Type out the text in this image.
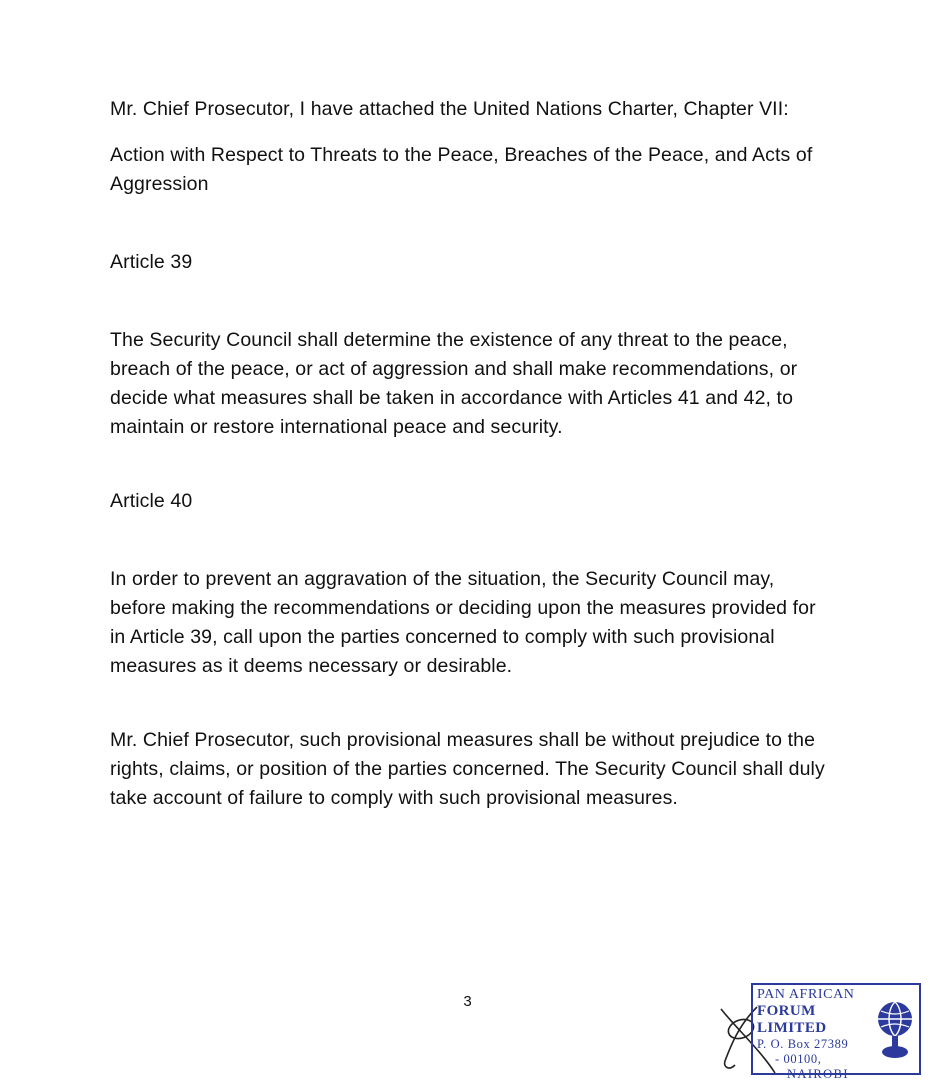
Mr. Chief Prosecutor, I have attached the United Nations Charter, Chapter VII:

Action with Respect to Threats to the Peace, Breaches of the Peace, and Acts of Aggression

Article 39

The Security Council shall determine the existence of any threat to the peace, breach of the peace, or act of aggression and shall make recommendations, or decide what measures shall be taken in accordance with Articles 41 and 42, to maintain or restore international peace and security.

Article 40

In order to prevent an aggravation of the situation, the Security Council may, before making the recommendations or deciding upon the measures provided for in Article 39, call upon the parties concerned to comply with such provisional measures as it deems necessary or desirable.

Mr. Chief Prosecutor, such provisional measures shall be without prejudice to the rights, claims, or position of the parties concerned. The Security Council shall duly take account of failure to comply with such provisional measures.

3	PAN AFRICAN
FORUM LIMITED
P. O. Box 27389
- 00100,
NAIROBI
